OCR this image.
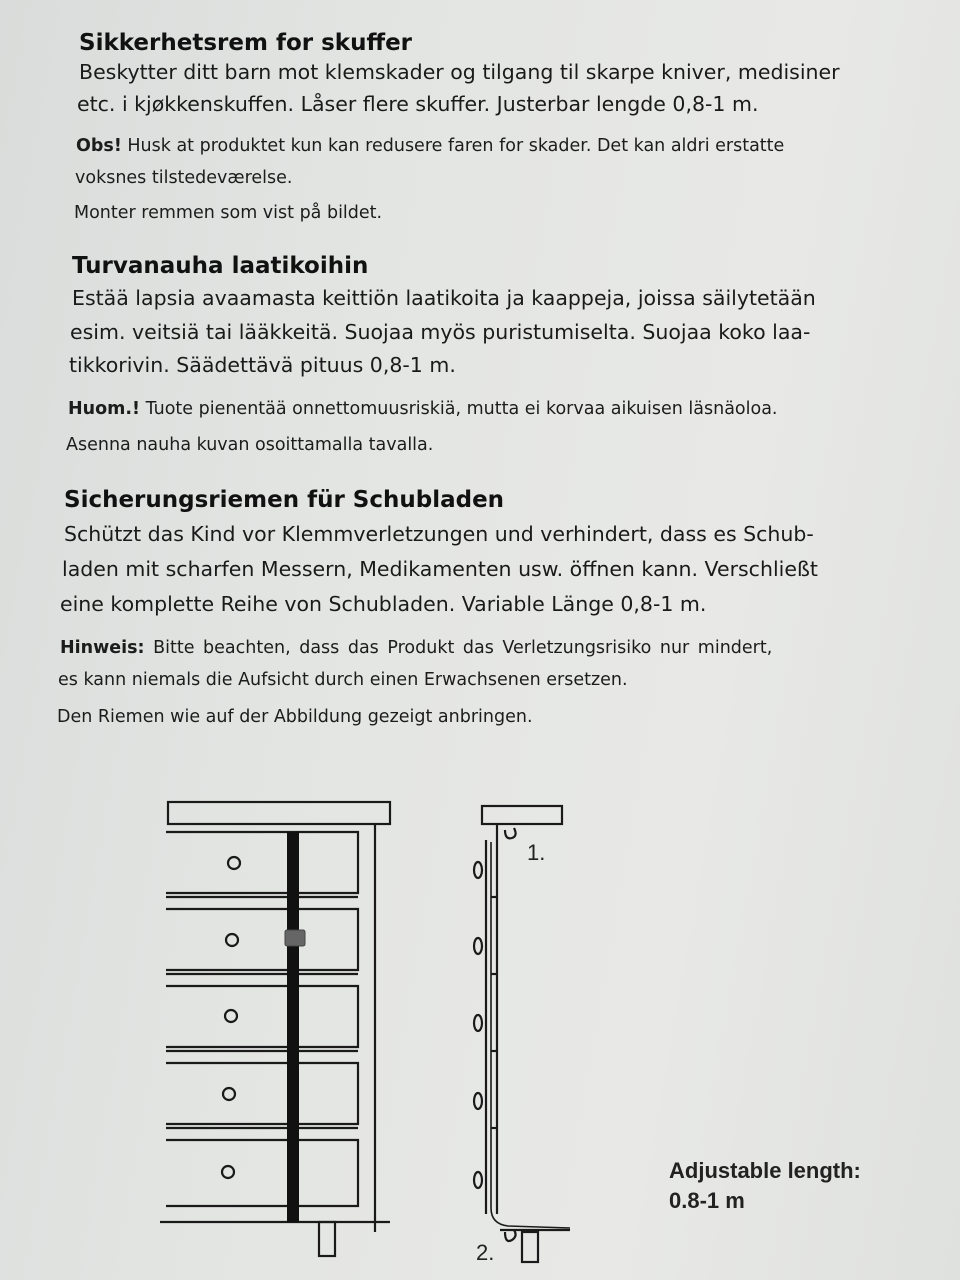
Sikkerhetsrem for skuffer
Beskytter ditt barn mot klemskader og tilgang til skarpe kniver, medisiner
etc. i kjøkkenskuffen. Låser flere skuffer. Justerbar lengde 0,8-1 m.
Obs! Husk at produktet kun kan redusere faren for skader. Det kan aldri erstatte
voksnes tilstedeværelse.
Monter remmen som vist på bildet.
Turvanauha laatikoihin
Estää lapsia avaamasta keittiön laatikoita ja kaappeja, joissa säilytetään
esim. veitsiä tai lääkkeitä. Suojaa myös puristumiselta. Suojaa koko laa-
tikkorivin. Säädettävä pituus 0,8-1 m.
Huom.! Tuote pienentää onnettomuusriskiä, mutta ei korvaa aikuisen läsnäoloa.
Asenna nauha kuvan osoittamalla tavalla.
Sicherungsriemen für Schubladen
Schützt das Kind vor Klemmverletzungen und verhindert, dass es Schub-
laden mit scharfen Messern, Medikamenten usw. öffnen kann. Verschließt
eine komplette Reihe von Schubladen. Variable Länge 0,8-1 m.
Hinweis: Bitte beachten, dass das Produkt das Verletzungsrisiko nur mindert,
es kann niemals die Aufsicht durch einen Erwachsenen ersetzen.
Den Riemen wie auf der Abbildung gezeigt anbringen.
1.
2.
Adjustable length:
0.8-1 m
